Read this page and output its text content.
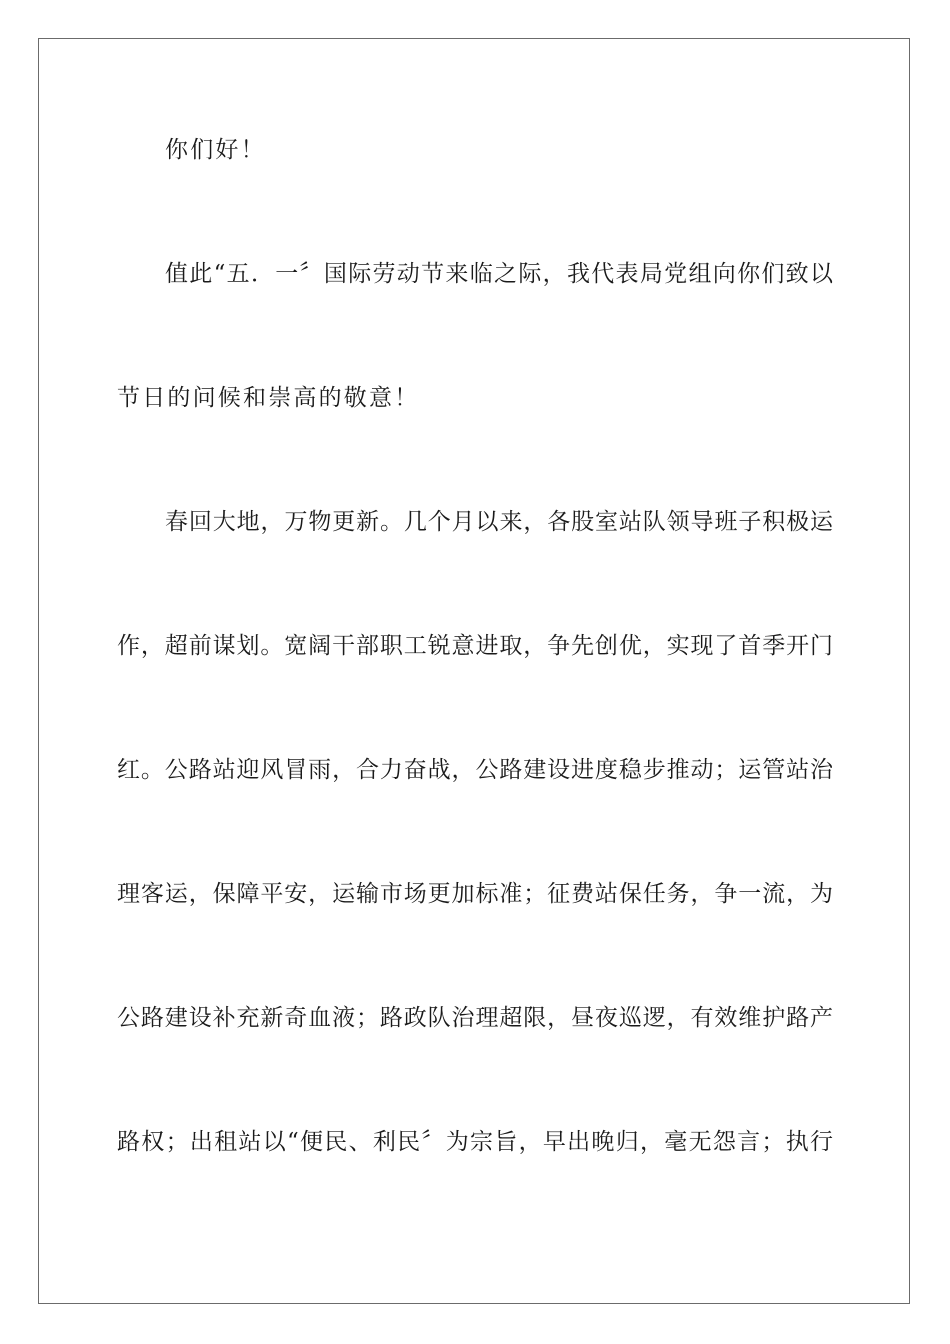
你们好！
值此“五．一〞国际劳动节来临之际，我代表局党组向你们致以
节日的问候和崇高的敬意！
春回大地，万物更新。几个月以来，各股室站队领导班子积极运
作，超前谋划。宽阔干部职工锐意进取，争先创优，实现了首季开门
红。公路站迎风冒雨，合力奋战，公路建设进度稳步推动；运管站治
理客运，保障平安，运输市场更加标准；征费站保任务，争一流，为
公路建设补充新奇血液；路政队治理超限，昼夜巡逻，有效维护路产
路权；出租站以“便民、利民〞为宗旨，早出晚归，毫无怨言；执行
